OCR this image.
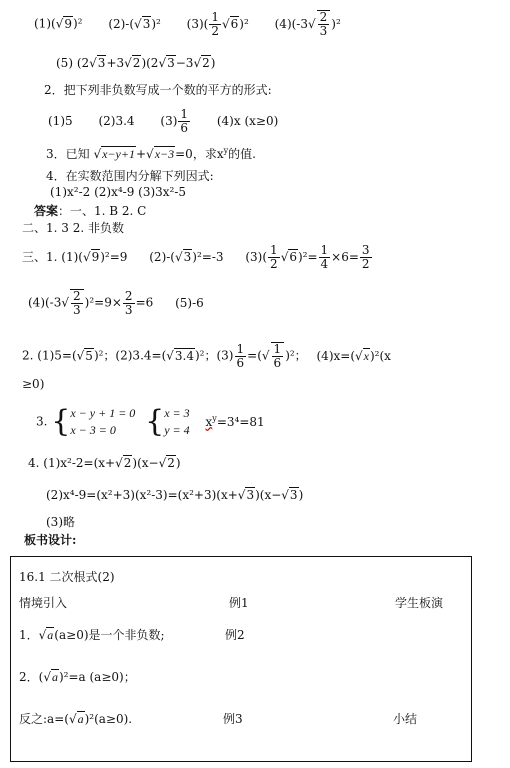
(1)(√9)² (2)-(√3)² $(3)( \frac{1}{2} √6)^2$ $(4)(-3√ \frac{2}{3} )^2$
(5) (2√3+3√2)(2√3−3√2)
2．把下列非负数写成一个数的平方的形式:
(1)5 (2)3.4 $(3) \frac{1}{6} (4)x$ (x≥0)
3．已知 √x−y+1+√x−3=0，求$x^y$的值.
4．在实数范围内分解下列因式:
(1)x²-2 (2)x⁴-9 (3)3x²-5
答案：一、1. B 2. C
二、1. 3 2. 非负数
三、1. (1)(√9)²=9 (2)-(√3)²=-3 $(3)( \frac{1}{2} √6)^2= \frac{1}{4} \times 6= \frac{3}{2}$
$(4)(-3√ \frac{2}{3} )^2=9\times \frac{2}{3} =6$ (5)-6
2. (1)5=(√5)²；(2)3.4=(√3.4)²；$(3) \frac{1}{6}$ =(√ $\frac{1}{6} )^2$； (4)x=(√x)²(x
≥0)
3. { x − y + 1 = 0
x − 3 = 0 { x = 3
y = 4
$x^y=3^4=81$
4. (1)x²-2=(x+√2)(x−√2)
(2)x⁴-9=(x²+3)(x²-3)=(x²+3)(x+√3)(x−√3)
(3)略
板书设计:
16.1 二次根式(2)
情境引入	例1	学生板演
1．√a(a≥0)是一个非负数;	例2
2．(√a)²=a (a≥0)；
反之:a=(√a)²(a≥0).	例3	小结
